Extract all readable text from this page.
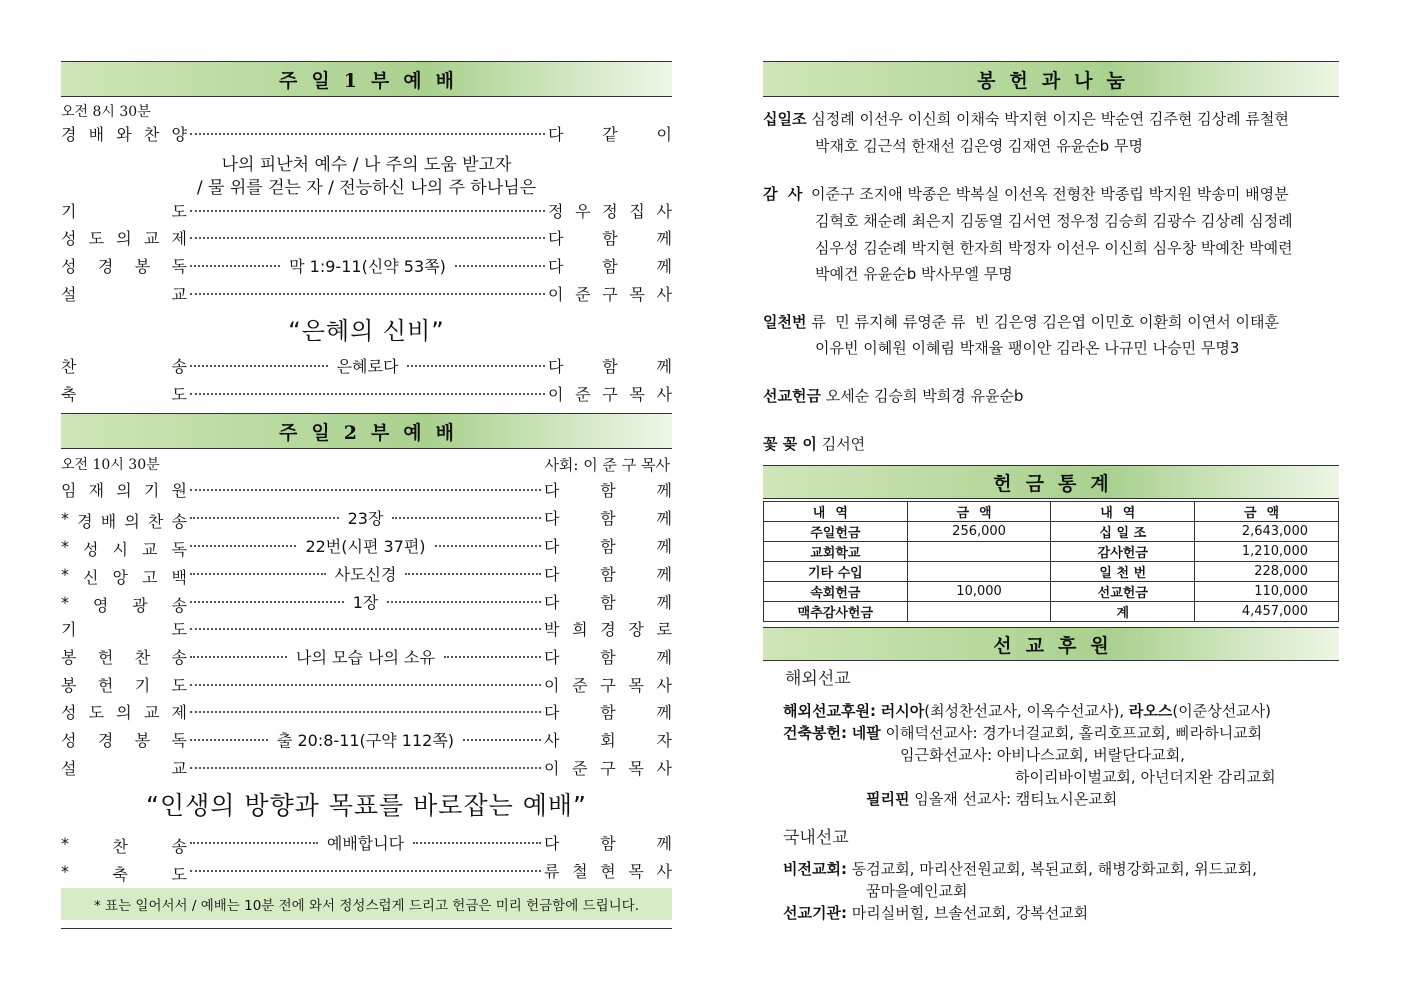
주일1부예배
오전 8시 30분
경 배 와 찬 양	다 같 이
기	도	정 우 정 집 사
성 도 의 교 제	다 함 께
성 경 봉 독	막 1:9-11(신약 53쪽)	다 함 께
설	교	이 준 구 목 사
찬	송	은혜로다	다 함 께
축	도	이 준 구 목 사
나의 피난처 예수 / 나 주의 도움 받고자
/ 물 위를 걷는 자 / 전능하신 나의 주 하나님은
“은혜의 신비”
주일2부예배
오전 10시 30분	사회: 이 준 구 목사
임 재 의 기 원	다	함	께
* 경 배 의 찬 송	23장	다	함	께
* 성 시 교 독	22번(시편 37편)	다	함	께
* 신 앙 고 백	사도신경	다	함	께
* 영 광 송	1장	다	함	께
기	도	박 희 경 장 로
봉 헌 찬 송	나의 모습 나의 소유	다	함	께
봉 헌 기 도	이 준 구 목 사
성 도 의 교 제	다	함	께
성 경 봉 독	출 20:8-11(구약 112쪽)	사	회	자
설	교	이 준 구 목 사
*	찬	송	예배합니다	다	함	께
*	축	도	류 철 현 목 사
“인생의 방향과 목표를 바로잡는 예배”
* 표는 일어서서 / 예배는 10분 전에 와서 정성스럽게 드리고 헌금은 미리 헌금함에 드립니다.
봉헌과나눔
십일조 심정례 이선우 이신희 이채숙 박지현 이지은 박순연 김주현 김상례 류철현
박재호 김근석 한재선 김은영 김재연 유윤순b 무명
감  사 이준구 조지애 박종은 박복실 이선옥 전형찬 박종립 박지원 박송미 배영분
김혁호 채순례 최은지 김동열 김서연 정우정 김승희 김광수 김상례 심정례
심우성 김순례 박지현 한자희 박정자 이선우 이신희 심우창 박예찬 박예련
박예건 유윤순b 박사무엘 무명
일천번 류  민 류지혜 류영준 류  빈 김은영 김은엽 이민호 이환희 이연서 이태훈
이유빈 이혜원 이혜림 박재율 팽이안 김라온 나규민 나승민 무명3
선교헌금 오세순 김승희 박희경 유윤순b
꽃 꽂 이 김서연
헌금통계
내역	금액	내역	금액
주일헌금	256,000	십 일 조	2,643,000
교회학교		감사헌금	1,210,000
기타 수입		일 천 번	228,000
속회헌금	10,000	선교헌금	110,000
맥추감사헌금		계	4,457,000
선교후원
해외선교
해외선교후원: 러시아(최성찬선교사, 이옥수선교사), 라오스(이준상선교사)
건축봉헌: 네팔 이해덕선교사: 경가너걸교회, 홀리호프교회, 삐라하니교회
임근화선교사: 아비나스교회, 버랄단다교회,
하이리바이벌교회, 아넌더지완 감리교회
필리핀 임올재 선교사: 캠티뇨시온교회
국내선교
비전교회: 동검교회, 마리산전원교회, 복된교회, 해병강화교회, 위드교회,
꿈마을예인교회
선교기관: 마리실버힐, 브솔선교회, 강복선교회
